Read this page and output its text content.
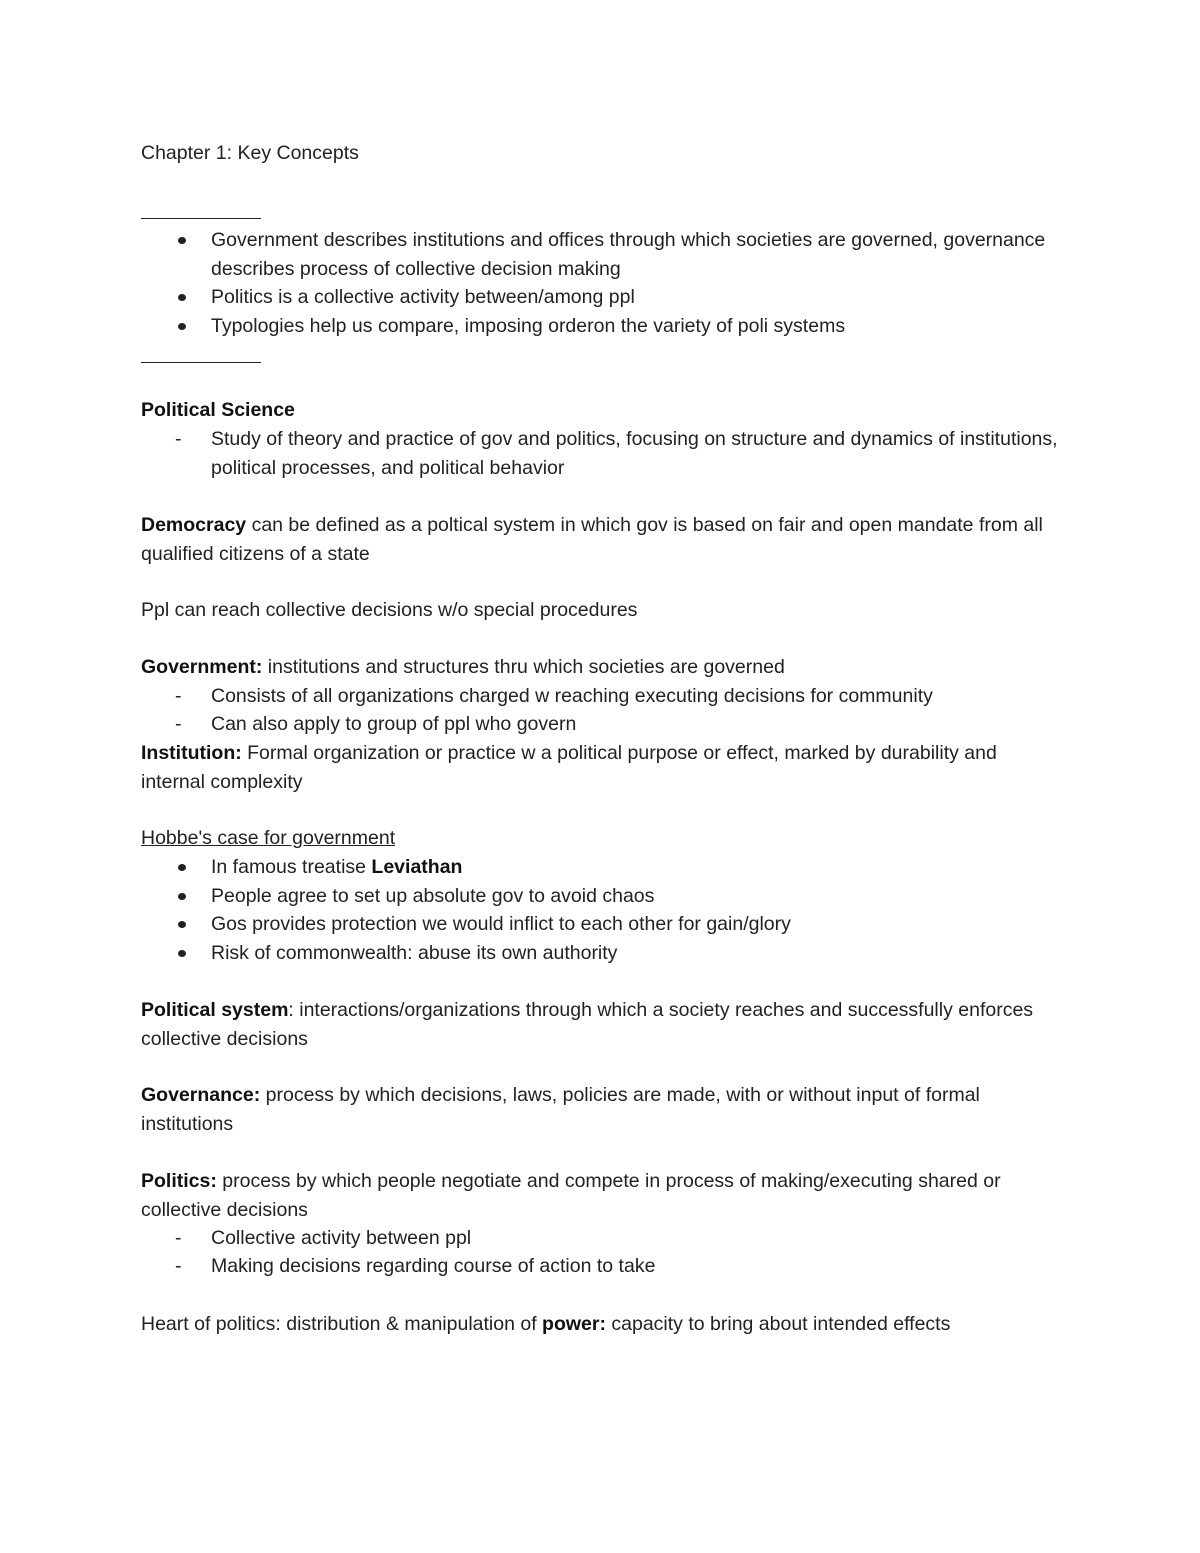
Chapter 1: Key Concepts
Government describes institutions and offices through which societies are governed, governance describes process of collective decision making
Politics is a collective activity between/among ppl
Typologies help us compare, imposing orderon the variety of poli systems
Political Science
-	Study of theory and practice of gov and politics, focusing on structure and dynamics of institutions, political processes, and political behavior
Democracy can be defined as a poltical system in which gov is based on fair and open mandate from all qualified citizens of a state
Ppl can reach collective decisions w/o special procedures
Government: institutions and structures thru which societies are governed
-	Consists of all organizations charged w reaching executing decisions for community
-	Can also apply to group of ppl who govern
Institution: Formal organization or practice w a political purpose or effect, marked by durability and internal complexity
Hobbe's case for government
In famous treatise Leviathan
People agree to set up absolute gov to avoid chaos
Gos provides protection we would inflict to each other for gain/glory
Risk of commonwealth: abuse its own authority
Political system: interactions/organizations through which a society reaches and successfully enforces collective decisions
Governance: process by which decisions, laws, policies are made, with or without input of formal institutions
Politics: process by which people negotiate and compete in process of making/executing shared or collective decisions
-	Collective activity between ppl
-	Making decisions regarding course of action to take
Heart of politics: distribution & manipulation of power: capacity to bring about intended effects
